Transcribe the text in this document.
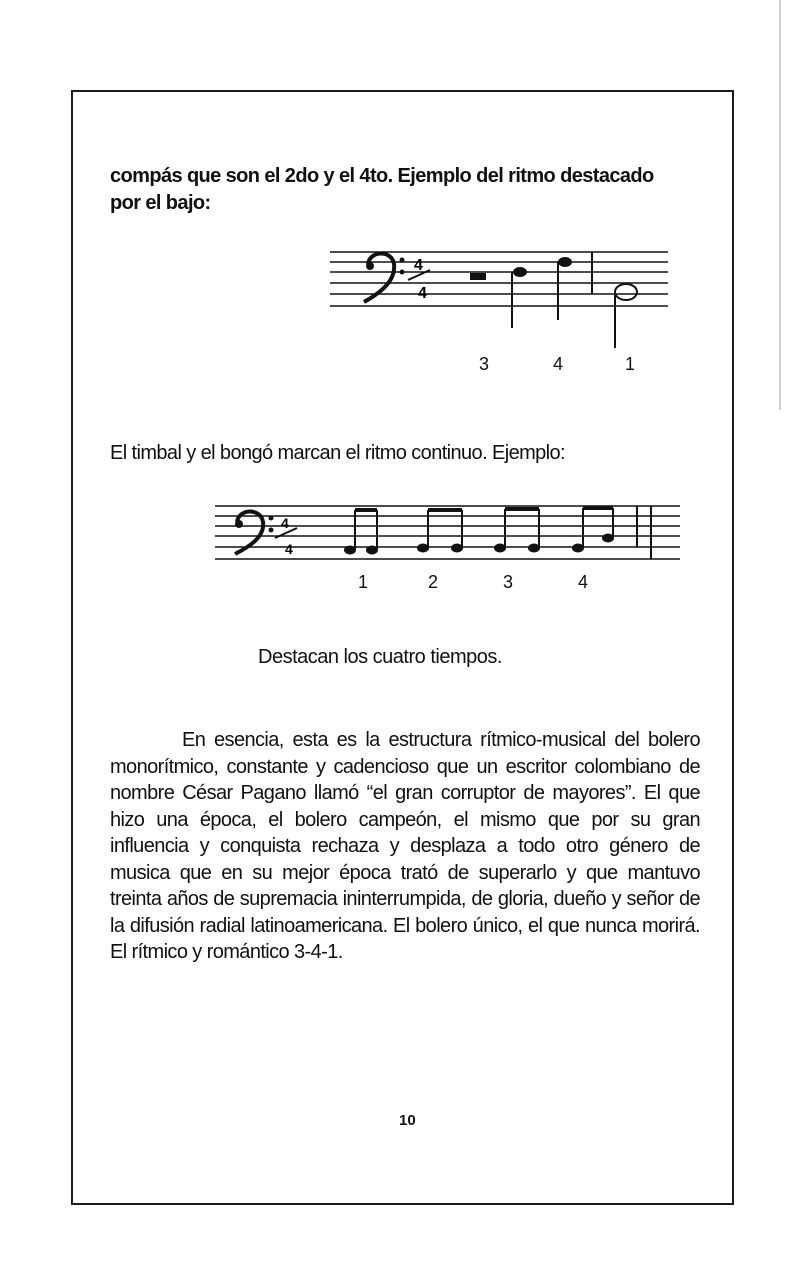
compás que son el 2do y el 4to. Ejemplo del ritmo destacado

por el bajo:

4
4
3	4	1
El timbal y el bongó marcan el ritmo continuo. Ejemplo:
4
4
1	2	3	4
Destacan los cuatro tiempos.
En esencia, esta es la estructura rítmico-musical del bolero monorítmico, constante y cadencioso que un escritor colombiano de nombre César Pagano llamó “el gran corruptor de mayores”. El que hizo una época, el bolero campeón, el mismo que por su gran influencia y conquista rechaza y desplaza a todo otro género de musica que en su mejor época trató de superarlo y que mantuvo treinta años de supremacia ininterrumpida, de gloria, dueño y señor de la difusión radial latinoamericana. El bolero único, el que nunca morirá. El rítmico y romántico 3-4-1.
10
